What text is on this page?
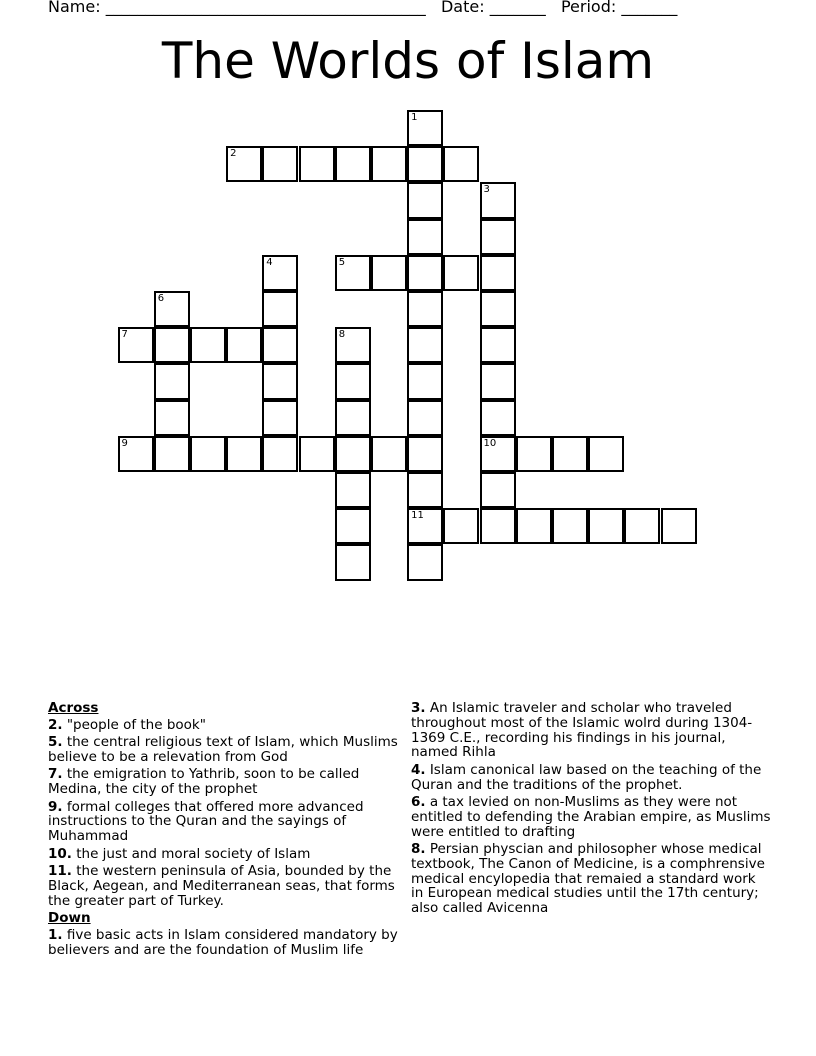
Name: ________________________________________ Date: _______ Period: _______
The Worlds of Islam
1
2
3
4	5
6
7	8
9	10
11
Across
2. "people of the book"
5. the central religious text of Islam, which Muslims believe to be a relevation from God
7. the emigration to Yathrib, soon to be called Medina, the city of the prophet
9. formal colleges that offered more advanced instructions to the Quran and the sayings of Muhammad
10. the just and moral society of Islam
11. the western peninsula of Asia, bounded by the Black, Aegean, and Mediterranean seas, that forms the greater part of Turkey.
Down
1. five basic acts in Islam considered mandatory by believers and are the foundation of Muslim life
3. An Islamic traveler and scholar who traveled throughout most of the Islamic wolrd during 1304-1369 C.E., recording his findings in his journal, named Rihla
4. Islam canonical law based on the teaching of the Quran and the traditions of the prophet.
6. a tax levied on non-Muslims as they were not entitled to defending the Arabian empire, as Muslims were entitled to drafting
8. Persian physcian and philosopher whose medical textbook, The Canon of Medicine, is a comphrensive medical encylopedia that remaied a standard work in European medical studies until the 17th century; also called Avicenna
